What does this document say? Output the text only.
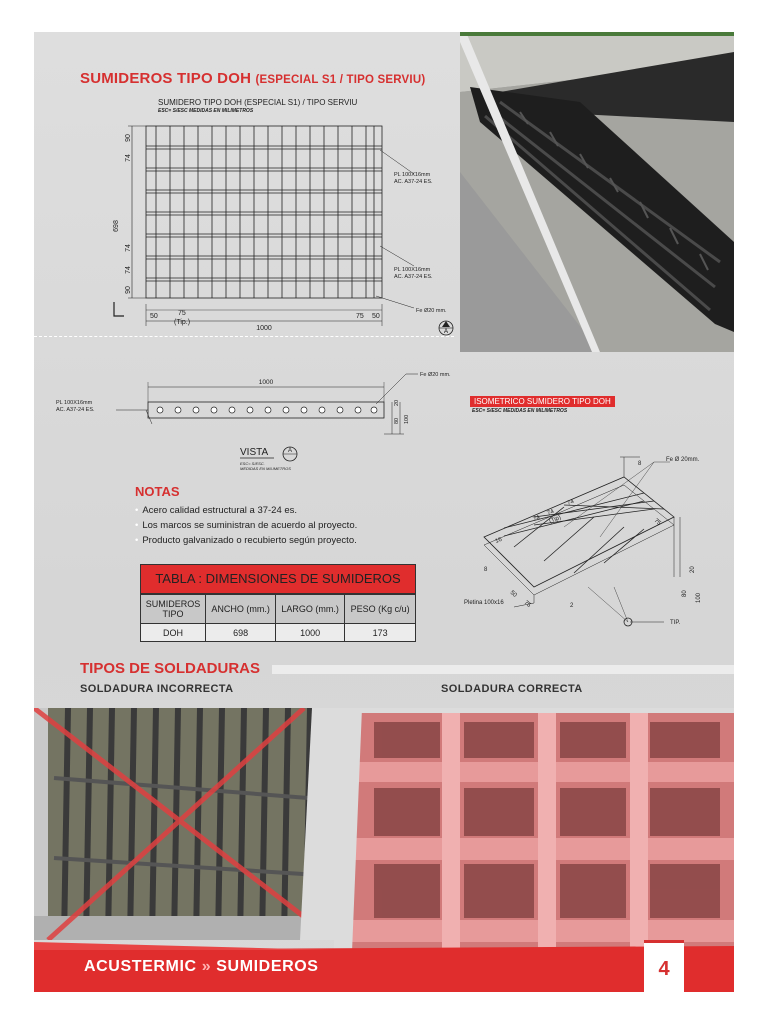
SUMIDEROS TIPO DOH (ESPECIAL S1 / TIPO SERVIU)
SUMIDERO TIPO DOH (ESPECIAL S1) / TIPO SERVIU
ESC= S/ESC MEDIDAS EN MILIMETROS
A
698
90
74
74
74
90
50	75
(Tip.)
75 50
1000
PL 100X16mm
AC. A37-24 ES.
PL 100X16mm
AC. A37-24 ES.
Fe Ø20 mm.
1000
Fe Ø20 mm.
PL 100X16mm
AC. A37-24 ES.
20
80 100
VISTA	A
ESC= S/ESC.
MEDIDAS EN MILIMETROS
NOTAS
• Acero calidad estructural a 37-24 es.
• Los marcos se suministran de acuerdo al proyecto.
• Producto galvanizado o recubierto según proyecto.
TABLA : DIMENSIONES DE SUMIDEROS
SUMIDEROS TIPO	ANCHO (mm.)	LARGO (mm.)	PESO (Kg c/u)
DOH	698	1000	173
ISOMETRICO SUMIDERO TIPO DOH
ESC= S/ESC MEDIDAS EN MILIMETROS
Fe Ø 20mm.
Pletina 100x16
TIP.
74
74
74
(Tip)
16
75
50
75
20
80 100
8
8
2
TIPOS DE SOLDADURAS
SOLDADURA INCORRECTA	SOLDADURA CORRECTA
ACUSTERMIC » SUMIDEROS	4
